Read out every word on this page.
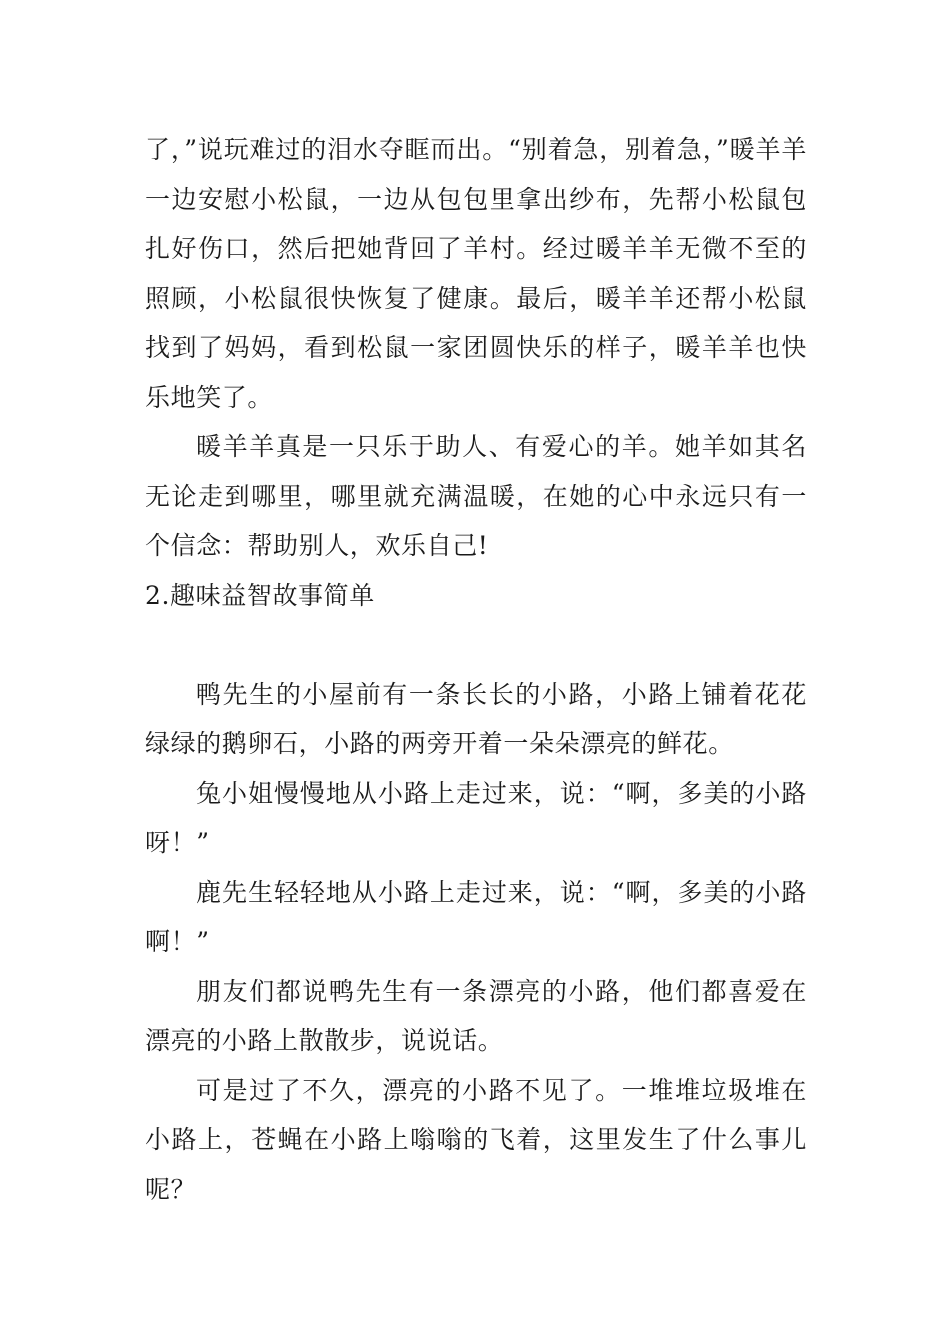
了，”说玩难过的泪水夺眶而出。“别着急，别着急，”暖羊羊一边安慰小松鼠，一边从包包里拿出纱布，先帮小松鼠包扎好伤口，然后把她背回了羊村。经过暖羊羊无微不至的照顾，小松鼠很快恢复了健康。最后，暖羊羊还帮小松鼠找到了妈妈，看到松鼠一家团圆快乐的样子，暖羊羊也快乐地笑了。

暖羊羊真是一只乐于助人、有爱心的羊。她羊如其名无论走到哪里，哪里就充满温暖，在她的心中永远只有一个信念：帮助别人，欢乐自己!

2.趣味益智故事简单

鸭先生的小屋前有一条长长的小路，小路上铺着花花绿绿的鹅卵石，小路的两旁开着一朵朵漂亮的鲜花。

兔小姐慢慢地从小路上走过来，说：“啊，多美的小路呀！”

鹿先生轻轻地从小路上走过来，说：“啊，多美的小路啊！”

朋友们都说鸭先生有一条漂亮的小路，他们都喜爱在漂亮的小路上散散步，说说话。

可是过了不久，漂亮的小路不见了。一堆堆垃圾堆在小路上，苍蝇在小路上嗡嗡的飞着，这里发生了什么事儿呢？
